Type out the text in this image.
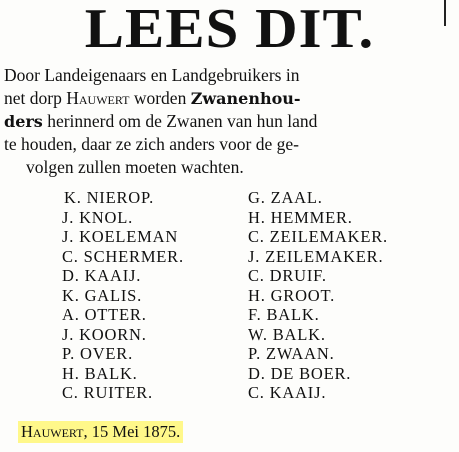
LEES DIT.
Door Landeigenaars en Landgebruikers in
net dorp Hauwert worden Zwanenhou-
ders herinnerd om de Zwanen van hun land
te houden, daar ze zich anders voor de ge-
volgen zullen moeten wachten.
K. NIEROP.
J. KNOL.
J. KOELEMAN
C. SCHERMER.
D. KAAIJ.
K. GALIS.
A. OTTER.
J. KOORN.
P. OVER.
H. BALK.
C. RUITER.
G. ZAAL.
H. HEMMER.
C. ZEILEMAKER.
J. ZEILEMAKER.
C. DRUIF.
H. GROOT.
F. BALK.
W. BALK.
P. ZWAAN.
D. DE BOER.
C. KAAIJ.
Hauwert, 15 Mei 1875.
